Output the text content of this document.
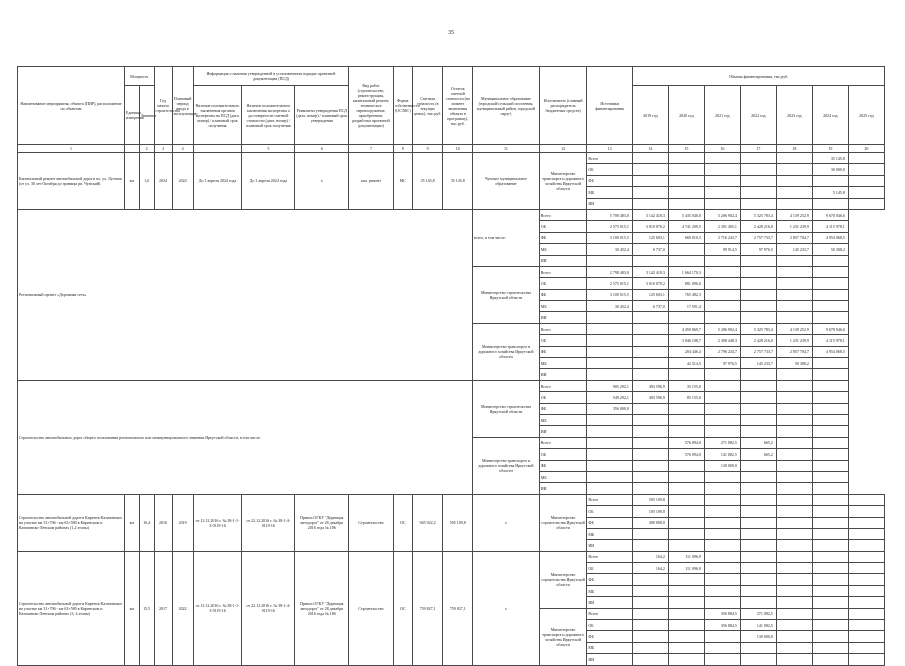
35
Наименование мероприятия, объекта (ПИР), расположение по объектам	Мощность		Год начала строительства	Плановый период ввода в эксплуатацию	Информация о наличии утвержденной в установленном порядке проектной документации (ПСД)			Вид работ (строительство, реконструкция, капитальный ремонт, техническое перевооружение, приобретение, разработка проектной документации)	Форма собственности (ОС/МС)	Сметная стоимость (в текущих ценах), тыс.руб.	Остаток сметной стоимости (на момент включения объекта в программу), тыс.руб.	Муниципальное образование (городской/сельский поселения, муниципальный район, городской округ)	Исполнитель (главный распорядитель бюджетных средств)	Источники финансирования	Объемы финансирования, тыс.руб.						
	Единица измерения	Значение			Наличие положительного заключения органов экспертизы на ПСД (дата, номер) / плановый срок получения	Наличие положительного заключения экспертизы о достоверности сметной стоимости (дата, номер) / плановый срок получения	Реквизиты утверждения ПСД (дата, номер) / плановый срок утверждения								2019 год	2020 год	2021 год	2022 год	2023 год	2024 год	2025 год
1		2	3	4		5	6	7	8	9	10	11	12	13	14	15	16	17	18	19	20
Капитальный ремонт автомобильной дороги пл. ул. Луговая (от ул. 30 лет Октября до границы рп. Чунский)	км	1,6	2024	2024	До 1 апреля 2024 года	До 1 апреля 2024 года	х	кап. ремонт	МС	35 145,8	35 145,8	Чунское муниципальное образование	Министерство транспорта и дорожного хозяйства Иркутской области	Всего						35 145,8	
														ОБ						30 000,0	
														ФБ							
														МБ						5 145,8	
														ИИ							
Региональный проект «Дорожная сеть»												всего, в том числе:	Всего	5 708 483,0	3 142 418,3	5 435 040,0	5 206 902,4	5 325 783,4	4 139 252,9	9 670 046,6	
													ОБ	2 575 015,1	3 010 070,2	4 741 209,5	2 391 465,1	2 428 216,0	1 231 239,9	4 115 978,1	
													ФБ	3 100 015,5	125 603,1	669 010,3	2 716 243,7	2 757 733,7	2 857 704,7	4 954 068,5	
													МБ	30 452,4	6 737,0		99 914,5	97 976,5	145 233,7	50 308,2	
													ИИ								
												Министерство строительства Иркутской области	Всего	2 798 483,0	3 142 418,3	1 664 170,3					
													ОБ	2 575 015,1	3 010 070,2	881 096,0					
													ФБ	3 100 015,5	125 603,1	765 482,3					
													МБ	30 452,4	6 737,0	17 591,4					
													ИИ								
												Министерство транспорта и дорожного хозяйства Иркутской области	Всего			4 450 869,7	5 206 902,4	5 325 783,4	4 139 252,9	9 670 046,6	
													ОБ			3 846 108,7	2 308 448,3	2 428 216,0	1 231 239,9	4 115 978,1	
													ФБ			204 446,4	2 796 243,7	2 757 733,7	2 857 704,7	4 954 068,5	
													МБ			42 314,5	97 976,5	145 233,7	50 308,2		
													ИИ								
Строительство автомобильных дорог общего пользования регионального или межмуниципального значения Иркутской области, в том числе:												Министерство строительства Иркутской области	Всего	905 292,1	493 596,9	35 155,0					
													ОБ	549 292,1	493 596,9	85 155,0					
													ФБ	356 000,0							
													МБ								
													ИИ								
												Министерство транспорта и дорожного хозяйства Иркутской области	Всего			576 094,0	271 082,5	665,2			
													ОБ			576 094,0	141 082,5	665,2			
													ФБ				130 000,0				
													МБ								
													ИИ								
Строительство автомобильной дороги Киренск-Казачинское на участке км 31+706 - км 63+580 в Киренском и Казачинско-Ленском районах (1,2 этапы)	км	16,4	2016	2019	от 13.12.2016 г. № 38-1-1-3-0119-16	от 22.12.2016 г. № 38-1-4-0119-16	Приказ ОГКУ "Дирекция автодорог" от 28 декабря 2016 года № 186	Строительство	ОС	945 922,2	505 109,8	х	Министерство строительства Иркутской области	Всего	505 109,8						
														ОБ	105 109,8						
														ФБ	300 000,0						
														МБ							
														ИИ							
Строительство автомобильной дороги Киренск-Казачинское на участке км 31+706 - км 63+580 в Киренском и Казачинско-Ленском районах (3, 4 этапы)	км	15,5	2017	2022	от 13.12.2016 г. № 38-1-1-3-0119-16	от 22.12.2016 г. № 38-1-4-0119-16	Приказ ОГКУ "Дирекция автодорог" от 28 декабря 2016 года № 186	Строительство	ОС	759 827,1	759 827,1	х	Министерство строительства Иркутской области	Всего	164,2	111 096,9					
														ОБ	164,2	111 096,9					
														ФБ							
														МБ							
														ИИ							
													Министерство транспорта и дорожного хозяйства Иркутской области	Всего			356 884,5	271 082,5			
														ОБ			356 884,5	141 082,5			
														ФБ				130 000,0			
														МБ							
														ИИ							
